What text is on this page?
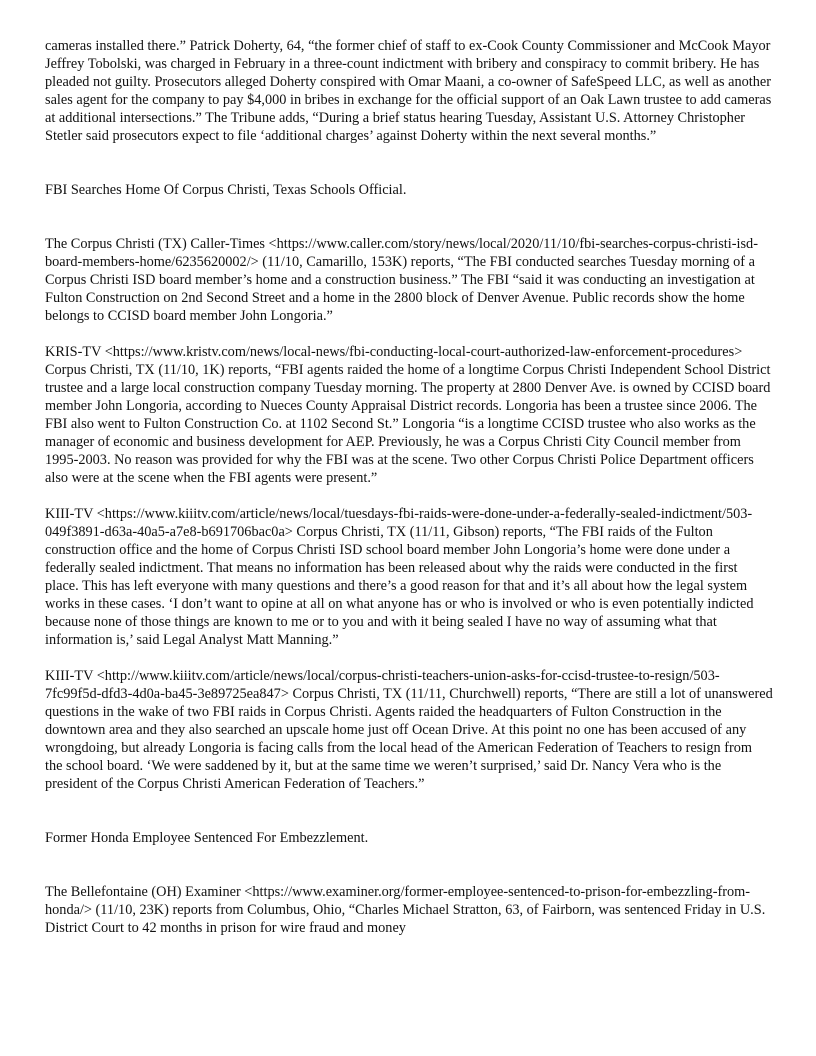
cameras installed there.” Patrick Doherty, 64, “the former chief of staff to ex-Cook County Commissioner and McCook Mayor Jeffrey Tobolski, was charged in February in a three-count indictment with bribery and conspiracy to commit bribery. He has pleaded not guilty. Prosecutors alleged Doherty conspired with Omar Maani, a co-owner of SafeSpeed LLC, as well as another sales agent for the company to pay $4,000 in bribes in exchange for the official support of an Oak Lawn trustee to add cameras at additional intersections.” The Tribune adds, “During a brief status hearing Tuesday, Assistant U.S. Attorney Christopher Stetler said prosecutors expect to file ‘additional charges’ against Doherty within the next several months.”

FBI Searches Home Of Corpus Christi, Texas Schools Official.

The Corpus Christi (TX) Caller-Times <https://www.caller.com/story/news/local/2020/11/10/fbi-searches-corpus-christi-isd-board-members-home/6235620002/> (11/10, Camarillo, 153K) reports, “The FBI conducted searches Tuesday morning of a Corpus Christi ISD board member’s home and a construction business.” The FBI “said it was conducting an investigation at Fulton Construction on 2nd Second Street and a home in the 2800 block of Denver Avenue. Public records show the home belongs to CCISD board member John Longoria.”

KRIS-TV <https://www.kristv.com/news/local-news/fbi-conducting-local-court-authorized-law-enforcement-procedures> Corpus Christi, TX (11/10, 1K) reports, “FBI agents raided the home of a longtime Corpus Christi Independent School District trustee and a large local construction company Tuesday morning. The property at 2800 Denver Ave. is owned by CCISD board member John Longoria, according to Nueces County Appraisal District records. Longoria has been a trustee since 2006. The FBI also went to Fulton Construction Co. at 1102 Second St.” Longoria “is a longtime CCISD trustee who also works as the manager of economic and business development for AEP. Previously, he was a Corpus Christi City Council member from 1995-2003. No reason was provided for why the FBI was at the scene. Two other Corpus Christi Police Department officers also were at the scene when the FBI agents were present.”

KIII-TV <https://www.kiiitv.com/article/news/local/tuesdays-fbi-raids-were-done-under-a-federally-sealed-indictment/503-049f3891-d63a-40a5-a7e8-b691706bac0a> Corpus Christi, TX (11/11, Gibson) reports, “The FBI raids of the Fulton construction office and the home of Corpus Christi ISD school board member John Longoria’s home were done under a federally sealed indictment. That means no information has been released about why the raids were conducted in the first place. This has left everyone with many questions and there’s a good reason for that and it’s all about how the legal system works in these cases. ‘I don’t want to opine at all on what anyone has or who is involved or who is even potentially indicted because none of those things are known to me or to you and with it being sealed I have no way of assuming what that information is,’ said Legal Analyst Matt Manning.”

KIII-TV <http://www.kiiitv.com/article/news/local/corpus-christi-teachers-union-asks-for-ccisd-trustee-to-resign/503-7fc99f5d-dfd3-4d0a-ba45-3e89725ea847> Corpus Christi, TX (11/11, Churchwell) reports, “There are still a lot of unanswered questions in the wake of two FBI raids in Corpus Christi. Agents raided the headquarters of Fulton Construction in the downtown area and they also searched an upscale home just off Ocean Drive. At this point no one has been accused of any wrongdoing, but already Longoria is facing calls from the local head of the American Federation of Teachers to resign from the school board. ‘We were saddened by it, but at the same time we weren’t surprised,’ said Dr. Nancy Vera who is the president of the Corpus Christi American Federation of Teachers.”

Former Honda Employee Sentenced For Embezzlement.

The Bellefontaine (OH) Examiner <https://www.examiner.org/former-employee-sentenced-to-prison-for-embezzling-from-honda/> (11/10, 23K) reports from Columbus, Ohio, “Charles Michael Stratton, 63, of Fairborn, was sentenced Friday in U.S. District Court to 42 months in prison for wire fraud and money
